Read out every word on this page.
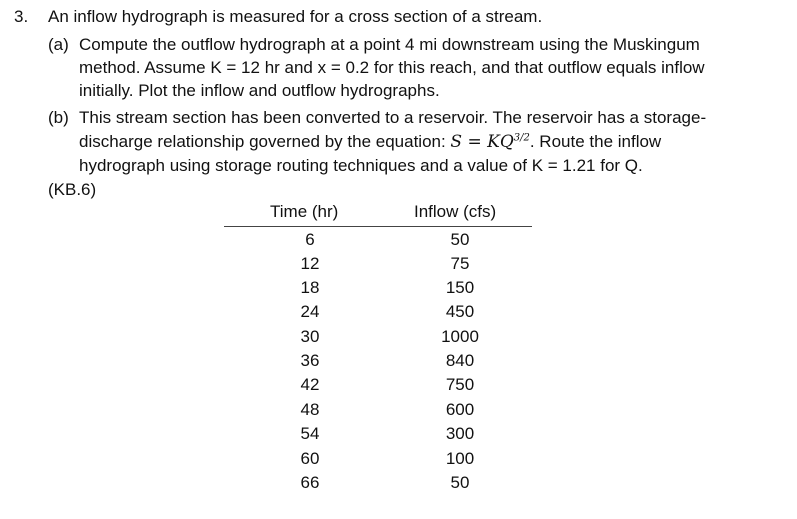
3. An inflow hydrograph is measured for a cross section of a stream.
(a) Compute the outflow hydrograph at a point 4 mi downstream using the Muskingum
method. Assume K = 12 hr and x = 0.2 for this reach, and that outflow equals inflow
initially. Plot the inflow and outflow hydrographs.
(b) This stream section has been converted to a reservoir. The reservoir has a storage-
discharge relationship governed by the equation: $S = KQ^{3/2}$. Route the inflow
hydrograph using storage routing techniques and a value of K = 1.21 for Q.
(KB.6)
Time (hr)	Inflow (cfs)
6	50
12	75
18	150
24	450
30	1000
36	840
42	750
48	600
54	300
60	100
66	50
